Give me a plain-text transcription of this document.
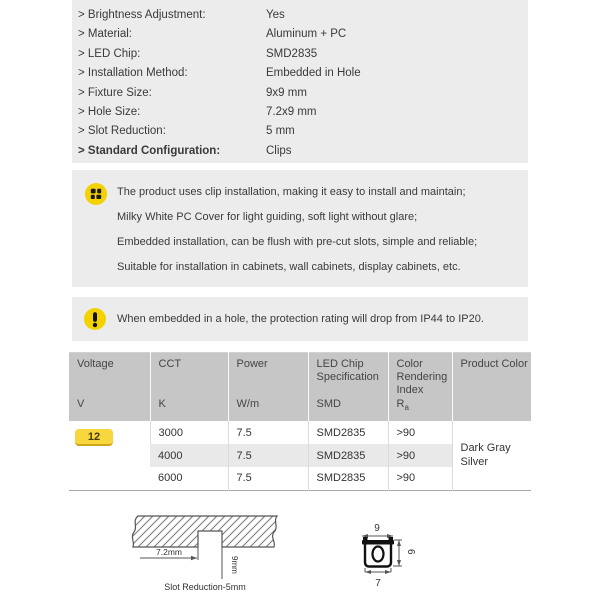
> Brightness Adjustment:	Yes
> Material:	Aluminum + PC
> LED Chip:	SMD2835
> Installation Method:	Embedded in Hole
> Fixture Size:	9x9 mm
> Hole Size:	7.2x9 mm
> Slot Reduction:	5 mm
> Standard Configuration:	Clips
The product uses clip installation, making it easy to install and maintain;
Milky White PC Cover for light guiding, soft light without glare;
Embedded installation, can be flush with pre-cut slots, simple and reliable;
Suitable for installation in cabinets, wall cabinets, display cabinets, etc.
When embedded in a hole, the protection rating will drop from IP44 to IP20.
Voltage	CCT	Power	LED Chip Specification	Color Rendering Index	Product Color
V	K	W/m	SMD	$R_a$	

12	3000	7.5	SMD2835	>90	Dark Gray
Silver

	4000	7.5	SMD2835	>90	
	6000	7.5	SMD2835	>90	
7.2mm
9mm
Slot Reduction-5mm
9
6
7
